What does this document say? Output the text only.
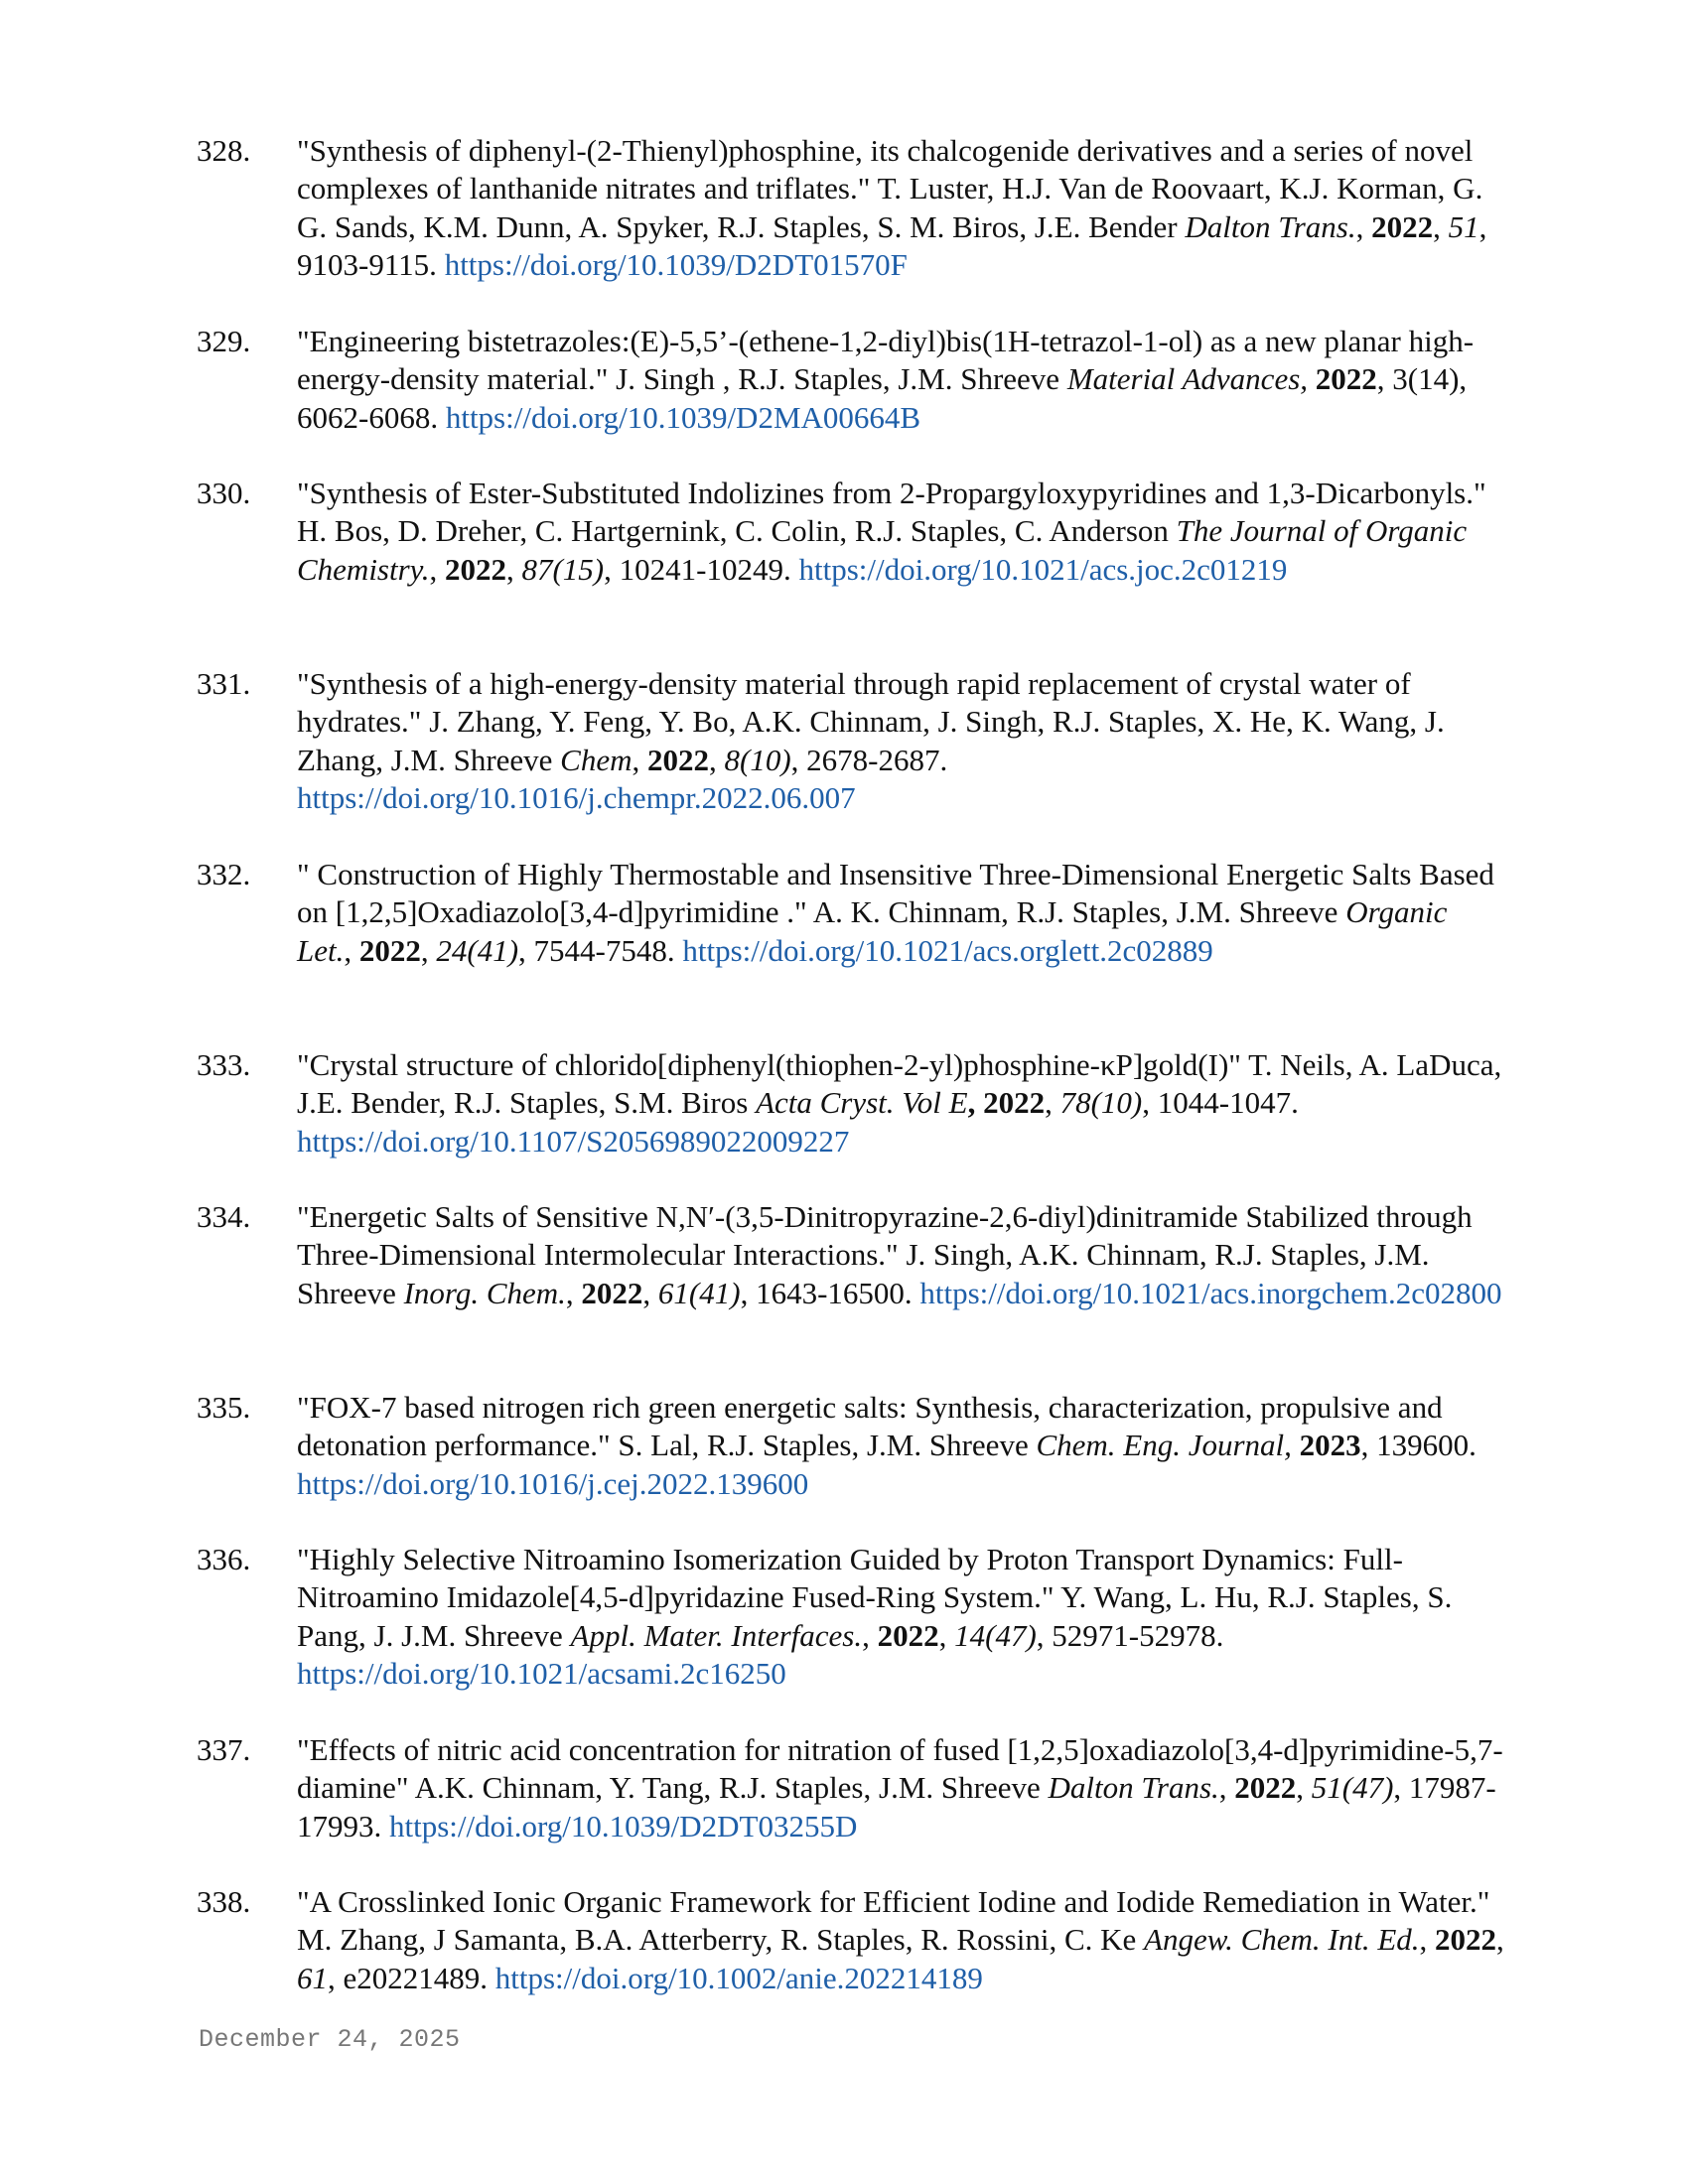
328.	"Synthesis of diphenyl-(2-Thienyl)phosphine, its chalcogenide derivatives and a series of novel complexes of lanthanide nitrates and triflates." T. Luster, H.J. Van de Roovaart, K.J. Korman, G. G. Sands, K.M. Dunn, A. Spyker, R.J. Staples, S. M. Biros, J.E. Bender Dalton Trans., 2022, 51, 9103-9115. https://doi.org/10.1039/D2DT01570F
329.	"Engineering bistetrazoles:(E)-5,5’-(ethene-1,2-diyl)bis(1H-tetrazol-1-ol) as a new planar high-energy-density material." J. Singh , R.J. Staples, J.M. Shreeve Material Advances, 2022, 3(14), 6062-6068. https://doi.org/10.1039/D2MA00664B
330.	"Synthesis of Ester-Substituted Indolizines from 2-Propargyloxypyridines and 1,3-Dicarbonyls." H. Bos, D. Dreher, C. Hartgernink, C. Colin, R.J. Staples, C. Anderson The Journal of Organic Chemistry., 2022, 87(15), 10241-10249. https://doi.org/10.1021/acs.joc.2c01219
331.	"Synthesis of a high-energy-density material through rapid replacement of crystal water of hydrates." J. Zhang, Y. Feng, Y. Bo, A.K. Chinnam, J. Singh, R.J. Staples, X. He, K. Wang, J. Zhang, J.M. Shreeve Chem, 2022, 8(10), 2678-2687. https://doi.org/10.1016/j.chempr.2022.06.007
332.	" Construction of Highly Thermostable and Insensitive Three-Dimensional Energetic Salts Based on [1,2,5]Oxadiazolo[3,4-d]pyrimidine ." A. K. Chinnam, R.J. Staples, J.M. Shreeve Organic Let., 2022, 24(41), 7544-7548. https://doi.org/10.1021/acs.orglett.2c02889
333.	"Crystal structure of chlorido[diphenyl(thiophen-2-yl)phosphine-κP]gold(I)" T. Neils, A. LaDuca, J.E. Bender, R.J. Staples, S.M. Biros Acta Cryst. Vol E, 2022, 78(10), 1044-1047. https://doi.org/10.1107/S2056989022009227
334.	"Energetic Salts of Sensitive N,N′-(3,5-Dinitropyrazine-2,6-diyl)dinitramide Stabilized through Three-Dimensional Intermolecular Interactions." J. Singh, A.K. Chinnam, R.J. Staples, J.M. Shreeve Inorg. Chem., 2022, 61(41), 1643-16500. https://doi.org/10.1021/acs.inorgchem.2c02800
335.	"FOX-7 based nitrogen rich green energetic salts: Synthesis, characterization, propulsive and detonation performance." S. Lal, R.J. Staples, J.M. Shreeve Chem. Eng. Journal, 2023, 139600. https://doi.org/10.1016/j.cej.2022.139600
336.	"Highly Selective Nitroamino Isomerization Guided by Proton Transport Dynamics: Full-Nitroamino Imidazole[4,5-d]pyridazine Fused-Ring System." Y. Wang, L. Hu, R.J. Staples, S. Pang, J. J.M. Shreeve Appl. Mater. Interfaces., 2022, 14(47), 52971-52978. https://doi.org/10.1021/acsami.2c16250
337.	"Effects of nitric acid concentration for nitration of fused [1,2,5]oxadiazolo[3,4-d]pyrimidine-5,7-diamine" A.K. Chinnam, Y. Tang, R.J. Staples, J.M. Shreeve Dalton Trans., 2022, 51(47), 17987-17993. https://doi.org/10.1039/D2DT03255D
338.	"A Crosslinked Ionic Organic Framework for Efficient Iodine and Iodide Remediation in Water." M. Zhang, J Samanta, B.A. Atterberry, R. Staples, R. Rossini, C. Ke Angew. Chem. Int. Ed., 2022, 61, e20221489. https://doi.org/10.1002/anie.202214189
December 24, 2025
